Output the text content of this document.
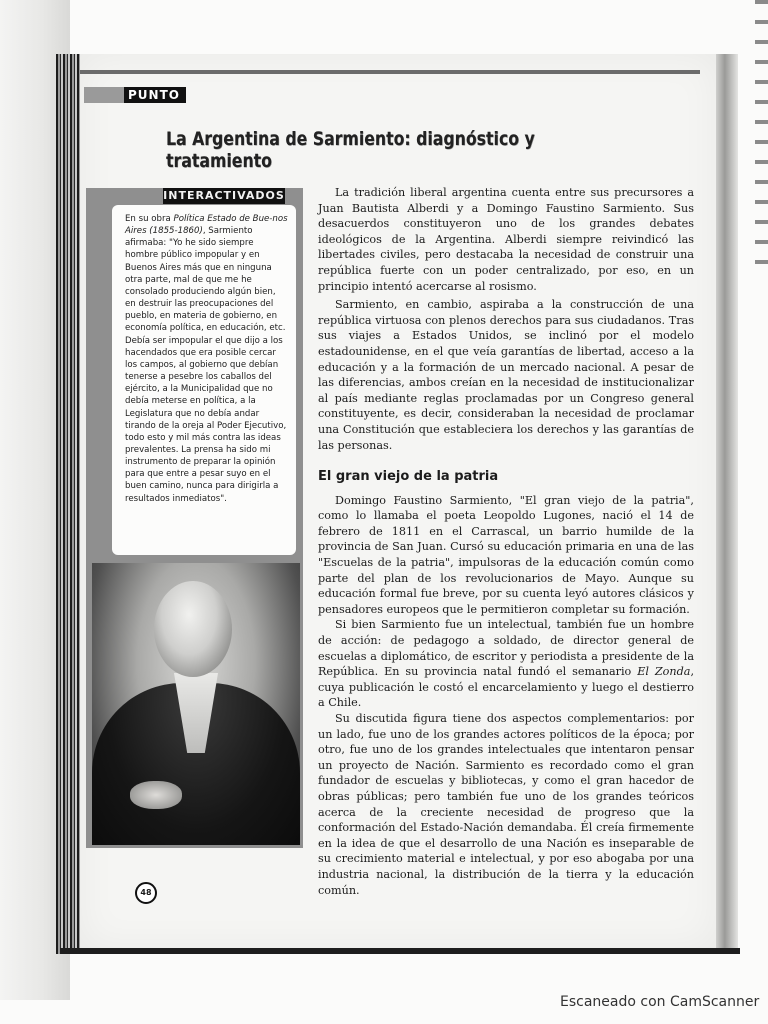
PUNTO
La Argentina de Sarmiento: diagnóstico y tratamiento
INTERACTIVADOS
En su obra Política Estado de Bue-nos Aires (1855-1860), Sarmiento afirmaba: "Yo he sido siempre hombre público impopular y en Buenos Aires más que en ninguna otra parte, mal de que me he consolado produciendo algún bien, en destruir las preocupaciones del pueblo, en materia de gobierno, en economía política, en educación, etc. Debía ser impopular el que dijo a los hacendados que era posible cercar los campos, al gobierno que debían tenerse a pesebre los caballos del ejército, a la Municipalidad que no debía meterse en política, a la Legislatura que no debía andar tirando de la oreja al Poder Ejecutivo, todo esto y mil más contra las ideas prevalentes. La prensa ha sido mi instrumento de preparar la opinión para que entre a pesar suyo en el buen camino, nunca para dirigirla a resultados inmediatos".

La tradición liberal argentina cuenta entre sus precursores a Juan Bautista Alberdi y a Domingo Faustino Sarmiento. Sus desacuerdos constituyeron uno de los grandes debates ideológicos de la Argentina. Alberdi siempre reivindicó las libertades civiles, pero destacaba la necesidad de construir una república fuerte con un poder centralizado, por eso, en un principio intentó acercarse al rosismo.

Sarmiento, en cambio, aspiraba a la construcción de una república virtuosa con plenos derechos para sus ciudadanos. Tras sus viajes a Estados Unidos, se inclinó por el modelo estadounidense, en el que veía garantías de libertad, acceso a la educación y a la formación de un mercado nacional. A pesar de las diferencias, ambos creían en la necesidad de institucionalizar al país mediante reglas proclamadas por un Congreso general constituyente, es decir, consideraban la necesidad de proclamar una Constitución que estableciera los derechos y las garantías de las personas.

El gran viejo de la patria

Domingo Faustino Sarmiento, "El gran viejo de la patria", como lo llamaba el poeta Leopoldo Lugones, nació el 14 de febrero de 1811 en el Carrascal, un barrio humilde de la provincia de San Juan. Cursó su educación primaria en una de las "Escuelas de la patria", impulsoras de la educación común como parte del plan de los revolucionarios de Mayo. Aunque su educación formal fue breve, por su cuenta leyó autores clásicos y pensadores europeos que le permitieron completar su formación.

Si bien Sarmiento fue un intelectual, también fue un hombre de acción: de pedagogo a soldado, de director general de escuelas a diplomático, de escritor y periodista a presidente de la República. En su provincia natal fundó el semanario El Zonda, cuya publicación le costó el encarcelamiento y luego el destierro a Chile.

Su discutida figura tiene dos aspectos complementarios: por un lado, fue uno de los grandes actores políticos de la época; por otro, fue uno de los grandes intelectuales que intentaron pensar un proyecto de Nación. Sarmiento es recordado como el gran fundador de escuelas y bibliotecas, y como el gran hacedor de obras públicas; pero también fue uno de los grandes teóricos acerca de la creciente necesidad de progreso que la conformación del Estado-Nación demandaba. Él creía firmemente en la idea de que el desarrollo de una Nación es inseparable de su crecimiento material e intelectual, y por eso abogaba por una industria nacional, la distribución de la tierra y la educación común.

48
Escaneado con CamScanner
